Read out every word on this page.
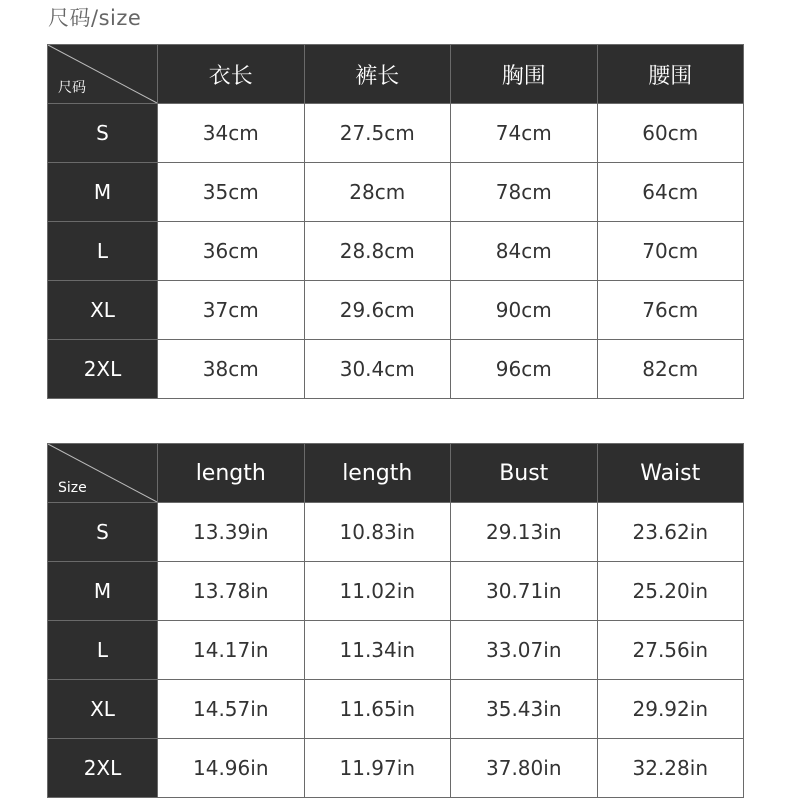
尺码/size
尺码	衣长	裤长	胸围	腰围
S	34cm	27.5cm	74cm	60cm
M	35cm	28cm	78cm	64cm
L	36cm	28.8cm	84cm	70cm
XL	37cm	29.6cm	90cm	76cm
2XL	38cm	30.4cm	96cm	82cm
Size	length	length	Bust	Waist
S	13.39in	10.83in	29.13in	23.62in
M	13.78in	11.02in	30.71in	25.20in
L	14.17in	11.34in	33.07in	27.56in
XL	14.57in	11.65in	35.43in	29.92in
2XL	14.96in	11.97in	37.80in	32.28in
